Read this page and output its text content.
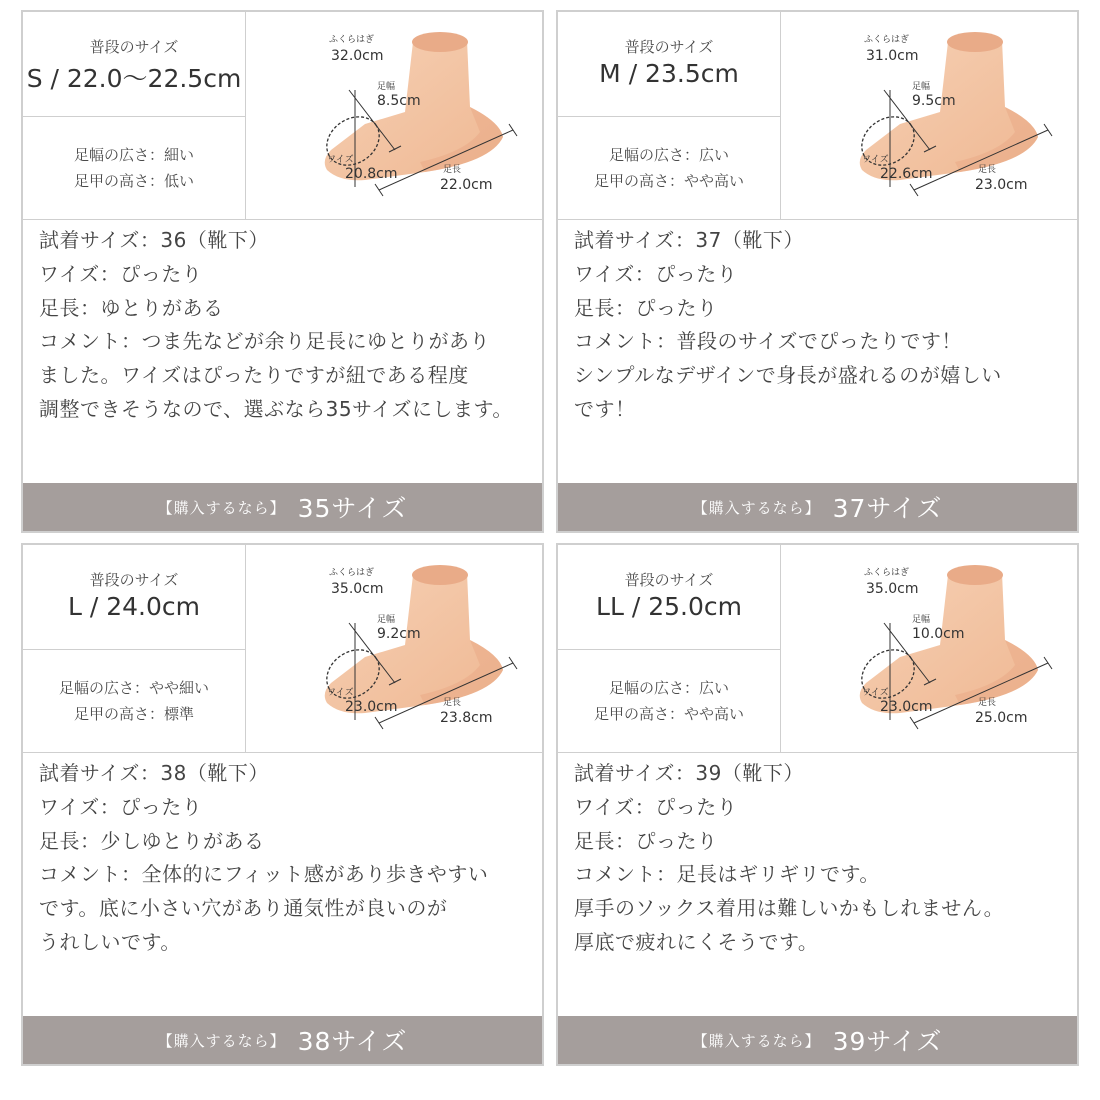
普段のサイズ
S / 22.0〜22.5cm
足幅の広さ：細い
足甲の高さ：低い
ふくらはぎ
32.0cm
足幅
8.5cm
ワイズ
20.8cm	足長
22.0cm
試着サイズ：36（靴下）
ワイズ：ぴったり
足長：ゆとりがある
コメント：つま先などが余り足長にゆとりがあり
ました。ワイズはぴったりですが紐である程度
調整できそうなので、選ぶなら35サイズにします。
【購入するなら】 35サイズ
普段のサイズ
M / 23.5cm
足幅の広さ：広い
足甲の高さ：やや高い
ふくらはぎ
31.0cm
足幅
9.5cm
ワイズ
22.6cm	足長
23.0cm
試着サイズ：37（靴下）
ワイズ：ぴったり
足長：ぴったり
コメント：普段のサイズでぴったりです！
シンプルなデザインで身長が盛れるのが嬉しい
です！
【購入するなら】 37サイズ
普段のサイズ
L / 24.0cm
足幅の広さ：やや細い
足甲の高さ：標準
ふくらはぎ
35.0cm
足幅
9.2cm
ワイズ
23.0cm	足長
23.8cm
試着サイズ：38（靴下）
ワイズ：ぴったり
足長：少しゆとりがある
コメント：全体的にフィット感があり歩きやすい
です。底に小さい穴があり通気性が良いのが
うれしいです。
【購入するなら】 38サイズ
普段のサイズ
LL / 25.0cm
足幅の広さ：広い
足甲の高さ：やや高い
ふくらはぎ
35.0cm
足幅
10.0cm
ワイズ
23.0cm	足長
25.0cm
試着サイズ：39（靴下）
ワイズ：ぴったり
足長：ぴったり
コメント：足長はギリギリです。
厚手のソックス着用は難しいかもしれません。
厚底で疲れにくそうです。
【購入するなら】 39サイズ
